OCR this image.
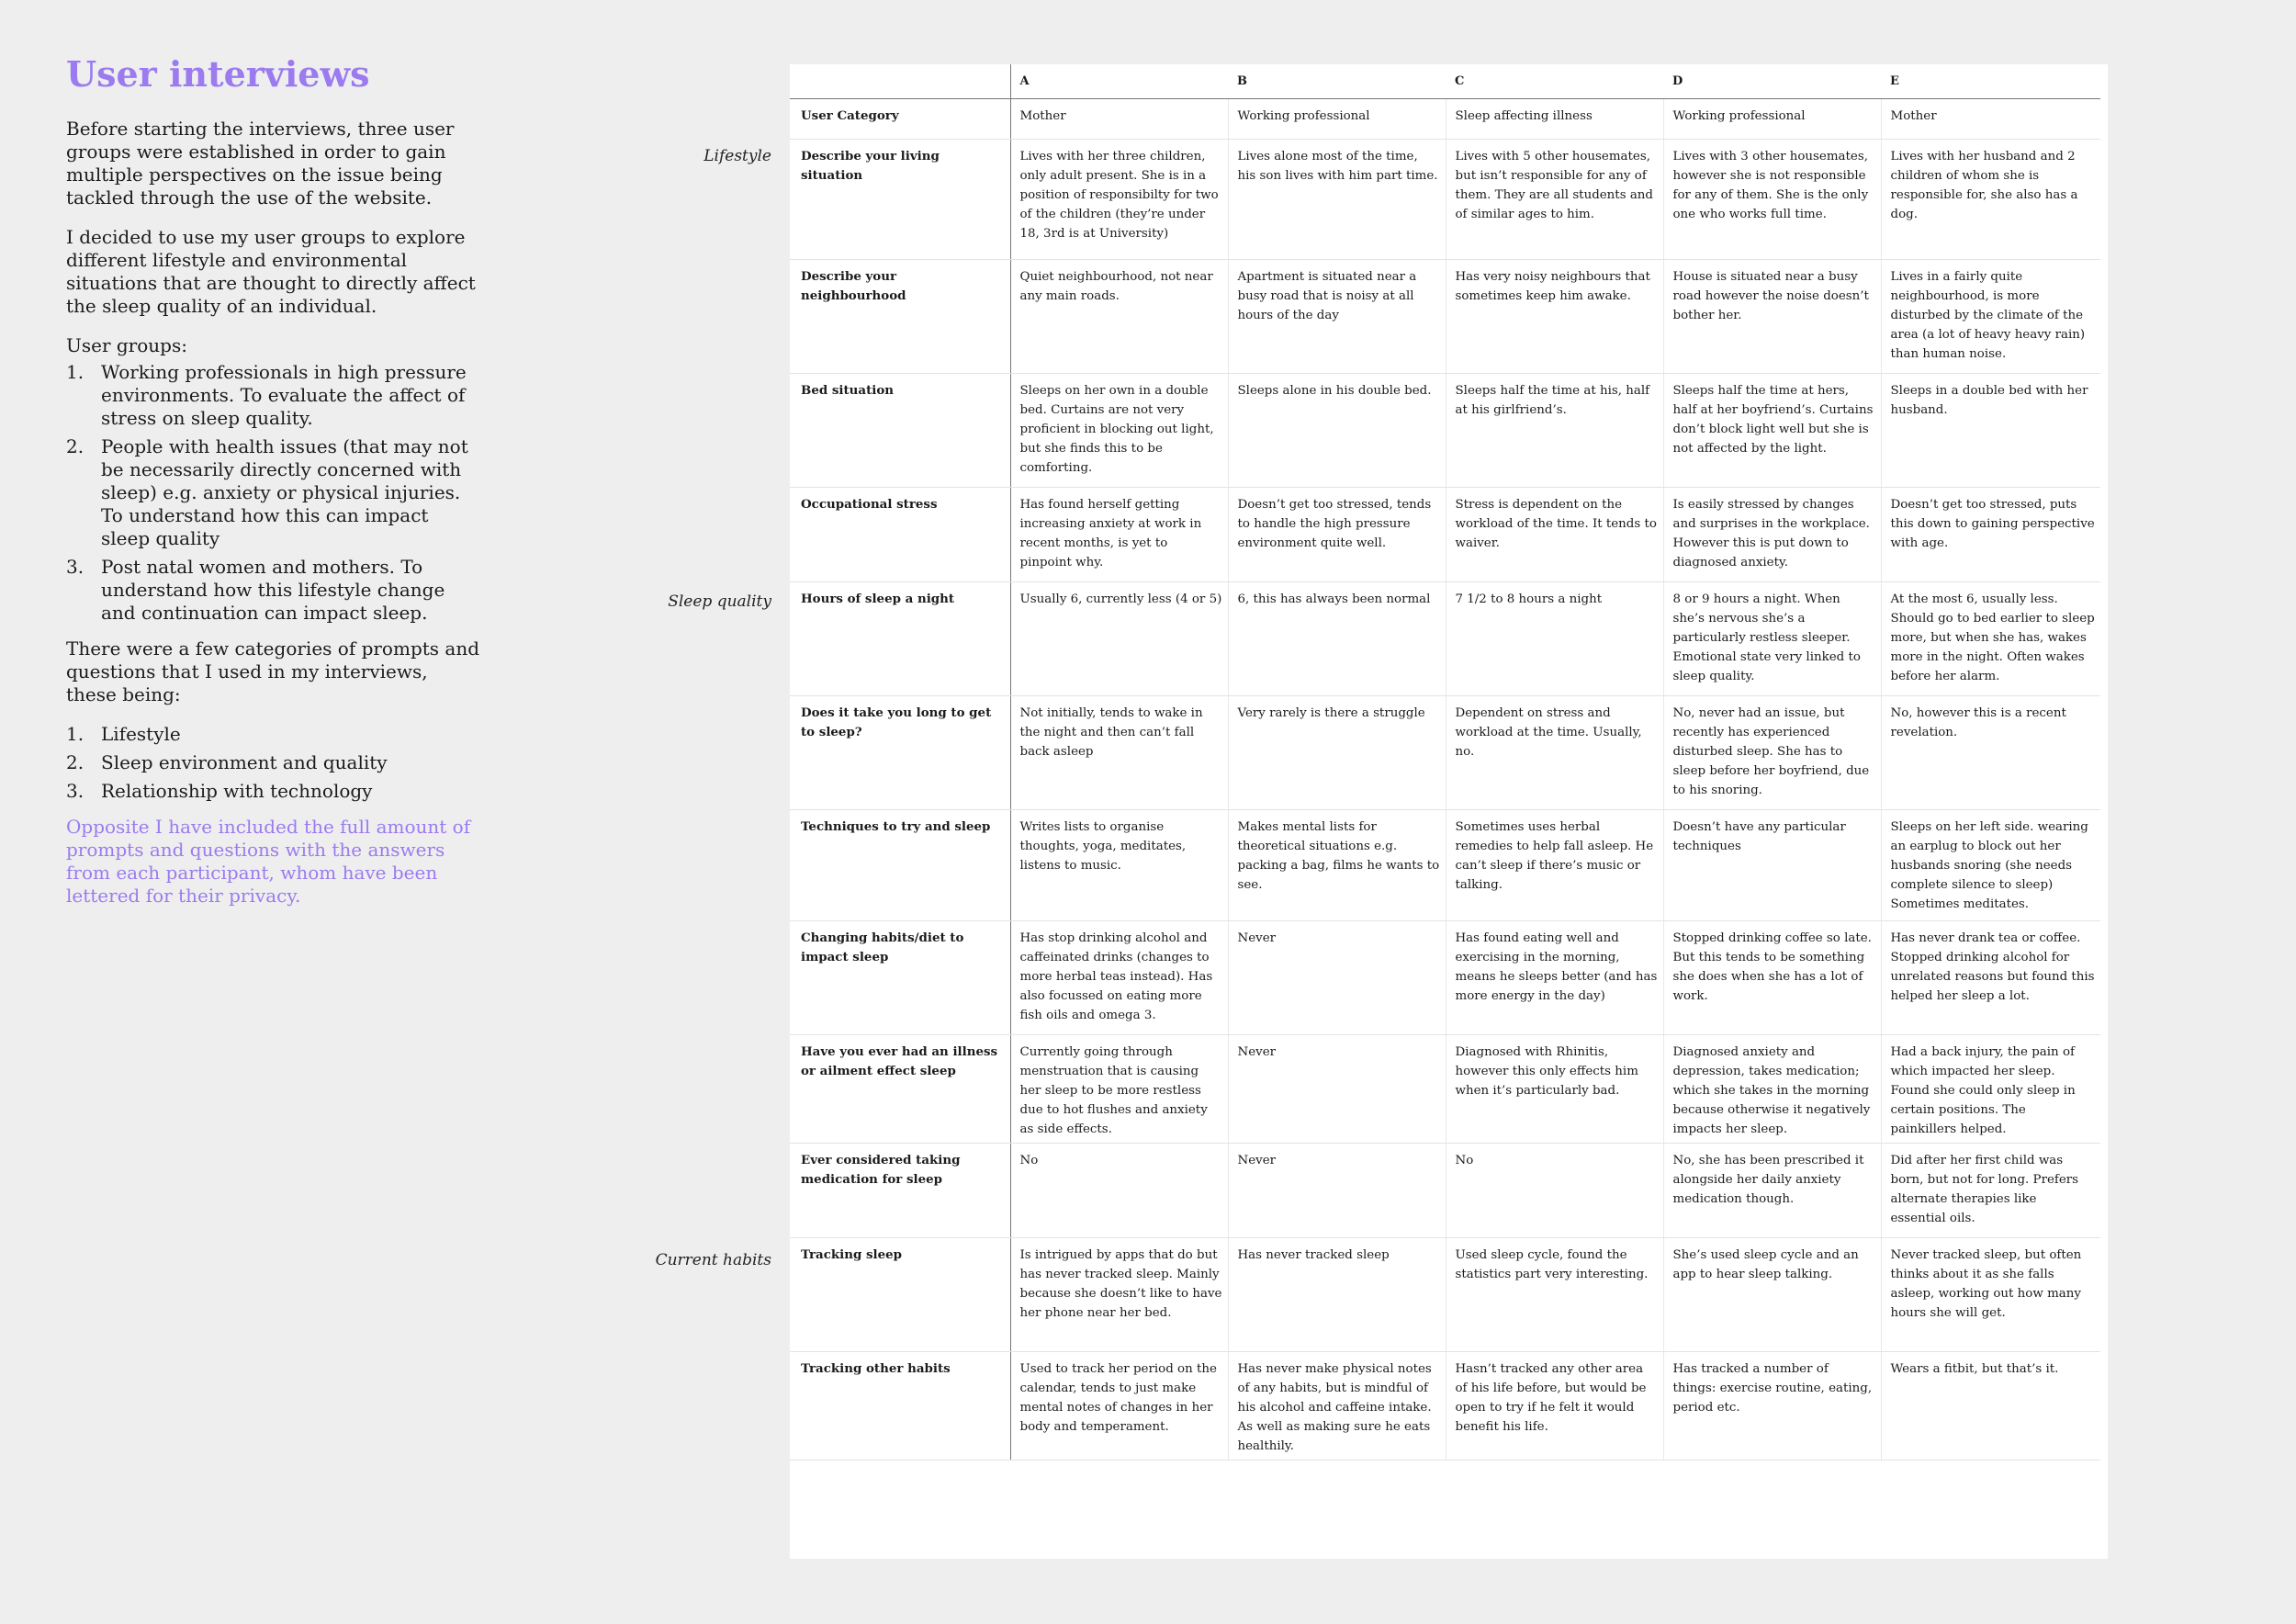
User interviews

Before starting the interviews, three user groups were established in order to gain multiple perspectives on the issue being tackled through the use of the website.

I decided to use my user groups to explore different lifestyle and environmental situations that are thought to directly affect the sleep quality of an individual.

User groups:

1. Working professionals in high pressure environments. To evaluate the affect of stress on sleep quality.
2. People with health issues (that may not be necessarily directly concerned with sleep) e.g. anxiety or physical injuries. To understand how this can impact sleep quality
3. Post natal women and mothers. To understand how this lifestyle change and continuation can impact sleep.

There were a few categories of prompts and questions that I used in my interviews, these being:

1. Lifestyle
2. Sleep environment and quality
3. Relationship with technology

Opposite I have included the full amount of prompts and questions with the answers from each participant, whom have been lettered for their privacy.

Lifestyle
Sleep quality
Current habits
	A	B	C	D	E
User Category	Mother	Working professional	Sleep affecting illness	Working professional	Mother
Describe your living situation	Lives with her three children, only adult present. She is in a position of responsibilty for two of the children (they’re under 18, 3rd is at University)	Lives alone most of the time, his son lives with him part time.	Lives with 5 other housemates, but isn’t responsible for any of them. They are all students and of similar ages to him.	Lives with 3 other housemates, however she is not responsible for any of them. She is the only one who works full time.	Lives with her husband and 2 children of whom she is responsible for, she also has a dog.
Describe your neighbourhood	Quiet neighbourhood, not near any main roads.	Apartment is situated near a busy road that is noisy at all hours of the day	Has very noisy neighbours that sometimes keep him awake.	House is situated near a busy road however the noise doesn’t bother her.	Lives in a fairly quite neighbourhood, is more disturbed by the climate of the area (a lot of heavy heavy rain) than human noise.
Bed situation	Sleeps on her own in a double bed. Curtains are not very proficient in blocking out light, but she finds this to be comforting.	Sleeps alone in his double bed.	Sleeps half the time at his, half at his girlfriend’s.	Sleeps half the time at hers, half at her boyfriend’s. Curtains don’t block light well but she is not affected by the light.	Sleeps in a double bed with her husband.
Occupational stress	Has found herself getting increasing anxiety at work in recent months, is yet to pinpoint why.	Doesn’t get too stressed, tends to handle the high pressure environment quite well.	Stress is dependent on the workload of the time. It tends to waiver.	Is easily stressed by changes and surprises in the workplace. However this is put down to diagnosed anxiety.	Doesn’t get too stressed, puts this down to gaining perspective with age.
Hours of sleep a night	Usually 6, currently less (4 or 5)	6, this has always been normal	7 1/2 to 8 hours a night	8 or 9 hours a night. When she’s nervous she’s a particularly restless sleeper. Emotional state very linked to sleep quality.	At the most 6, usually less. Should go to bed earlier to sleep more, but when she has, wakes more in the night. Often wakes before her alarm.
Does it take you long to get to sleep?	Not initially, tends to wake in the night and then can’t fall back asleep	Very rarely is there a struggle	Dependent on stress and workload at the time. Usually, no.	No, never had an issue, but recently has experienced disturbed sleep. She has to sleep before her boyfriend, due to his snoring.	No, however this is a recent revelation.
Techniques to try and sleep	Writes lists to organise thoughts, yoga, meditates, listens to music.	Makes mental lists for theoretical situations e.g. packing a bag, films he wants to see.	Sometimes uses herbal remedies to help fall asleep. He can’t sleep if there’s music or talking.	Doesn’t have any particular techniques	Sleeps on her left side. wearing an earplug to block out her husbands snoring (she needs complete silence to sleep) Sometimes meditates.
Changing habits/diet to impact sleep	Has stop drinking alcohol and caffeinated drinks (changes to more herbal teas instead). Has also focussed on eating more fish oils and omega 3.	Never	Has found eating well and exercising in the morning, means he sleeps better (and has more energy in the day)	Stopped drinking coffee so late. But this tends to be something she does when she has a lot of work.	Has never drank tea or coffee. Stopped drinking alcohol for unrelated reasons but found this helped her sleep a lot.
Have you ever had an illness or ailment effect sleep	Currently going through menstruation that is causing her sleep to be more restless due to hot flushes and anxiety as side effects.	Never	Diagnosed with Rhinitis, however this only effects him when it’s particularly bad.	Diagnosed anxiety and depression, takes medication; which she takes in the morning because otherwise it negatively impacts her sleep.	Had a back injury, the pain of which impacted her sleep. Found she could only sleep in certain positions. The painkillers helped.
Ever considered taking medication for sleep	No	Never	No	No, she has been prescribed it alongside her daily anxiety medication though.	Did after her first child was born, but not for long. Prefers alternate therapies like essential oils.
Tracking sleep	Is intrigued by apps that do but has never tracked sleep. Mainly because she doesn’t like to have her phone near her bed.	Has never tracked sleep	Used sleep cycle, found the statistics part very interesting.	She’s used sleep cycle and an app to hear sleep talking.	Never tracked sleep, but often thinks about it as she falls asleep, working out how many hours she will get.
Tracking other habits	Used to track her period on the calendar, tends to just make mental notes of changes in her body and temperament.	Has never make physical notes of any habits, but is mindful of his alcohol and caffeine intake. As well as making sure he eats healthily.	Hasn’t tracked any other area of his life before, but would be open to try if he felt it would benefit his life.	Has tracked a number of things: exercise routine, eating, period etc.	Wears a fitbit, but that’s it.
